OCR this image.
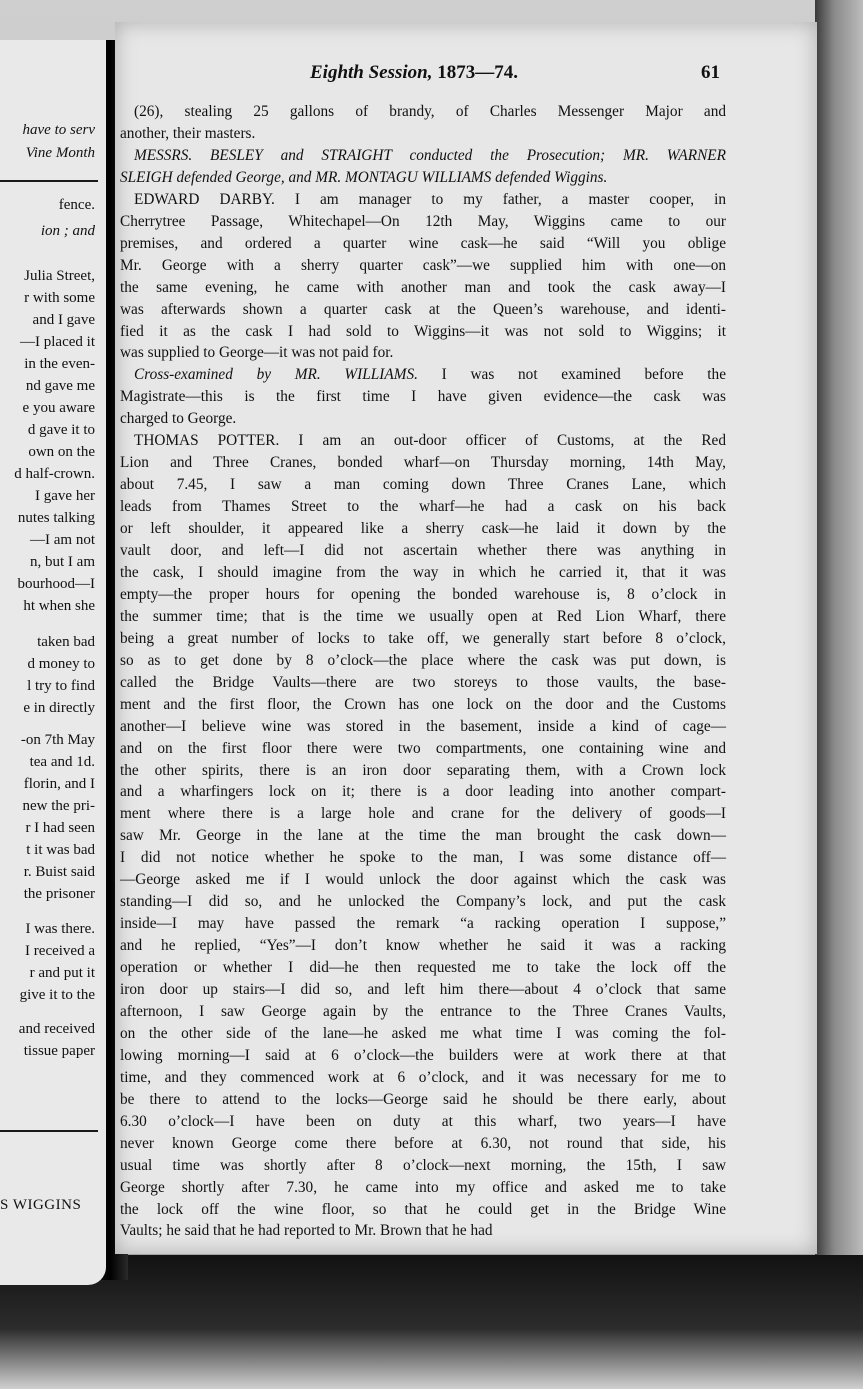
S WIGGINS
have to serv
Vine Month
fence.
ion ; and
Julia Street,
r with some
and I gave
—I placed it
in the even-
nd gave me
e you aware
d gave it to
own on the
d half-crown.
I gave her
nutes talking
—I am not
n, but I am
bourhood—I
ht when she
taken bad
d money to
l try to find
e in directly
-on 7th May
tea and 1d.
florin, and I
new the pri-
r I had seen
t it was bad
r. Buist said
the prisoner
I was there.
I received a
r and put it
give it to the
and received
tissue paper
Eighth Session, 1873—74.	61
(26), stealing 25 gallons of brandy, of Charles Messenger Major and
another, their masters.
MESSRS. BESLEY and STRAIGHT conducted the Prosecution; MR. WARNER
SLEIGH defended George, and MR. MONTAGU WILLIAMS defended Wiggins.
EDWARD DARBY. I am manager to my father, a master cooper, in
Cherrytree Passage, Whitechapel—On 12th May, Wiggins came to our
premises, and ordered a quarter wine cask—he said “Will you oblige
Mr. George with a sherry quarter cask”—we supplied him with one—on
the same evening, he came with another man and took the cask away—I
was afterwards shown a quarter cask at the Queen’s warehouse, and identi-
fied it as the cask I had sold to Wiggins—it was not sold to Wiggins; it
was supplied to George—it was not paid for.
Cross-examined by MR. WILLIAMS. I was not examined before the
Magistrate—this is the first time I have given evidence—the cask was
charged to George.
THOMAS POTTER. I am an out-door officer of Customs, at the Red
Lion and Three Cranes, bonded wharf—on Thursday morning, 14th May,
about 7.45, I saw a man coming down Three Cranes Lane, which
leads from Thames Street to the wharf—he had a cask on his back
or left shoulder, it appeared like a sherry cask—he laid it down by the
vault door, and left—I did not ascertain whether there was anything in
the cask, I should imagine from the way in which he carried it, that it was
empty—the proper hours for opening the bonded warehouse is, 8 o’clock in
the summer time; that is the time we usually open at Red Lion Wharf, there
being a great number of locks to take off, we generally start before 8 o’clock,
so as to get done by 8 o’clock—the place where the cask was put down, is
called the Bridge Vaults—there are two storeys to those vaults, the base-
ment and the first floor, the Crown has one lock on the door and the Customs
another—I believe wine was stored in the basement, inside a kind of cage—
and on the first floor there were two compartments, one containing wine and
the other spirits, there is an iron door separating them, with a Crown lock
and a wharfingers lock on it; there is a door leading into another compart-
ment where there is a large hole and crane for the delivery of goods—I
saw Mr. George in the lane at the time the man brought the cask down—
I did not notice whether he spoke to the man, I was some distance off—
—George asked me if I would unlock the door against which the cask was
standing—I did so, and he unlocked the Company’s lock, and put the cask
inside—I may have passed the remark “a racking operation I suppose,”
and he replied, “Yes”—I don’t know whether he said it was a racking
operation or whether I did—he then requested me to take the lock off the
iron door up stairs—I did so, and left him there—about 4 o’clock that same
afternoon, I saw George again by the entrance to the Three Cranes Vaults,
on the other side of the lane—he asked me what time I was coming the fol-
lowing morning—I said at 6 o’clock—the builders were at work there at that
time, and they commenced work at 6 o’clock, and it was necessary for me to
be there to attend to the locks—George said he should be there early, about
6.30 o’clock—I have been on duty at this wharf, two years—I have
never known George come there before at 6.30, not round that side, his
usual time was shortly after 8 o’clock—next morning, the 15th, I saw
George shortly after 7.30, he came into my office and asked me to take
the lock off the wine floor, so that he could get in the Bridge Wine
Vaults; he said that he had reported to Mr. Brown that he had
